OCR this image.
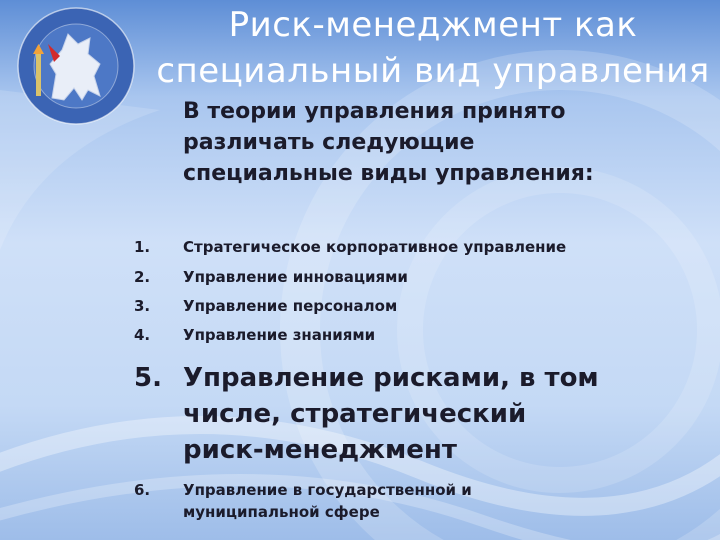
Риск-менеджмент как
специальный вид управления
В теории управления принято
различать следующие
специальные виды управления:
1. Стратегическое корпоративное управление
2. Управление инновациями
3. Управление персоналом
4. Управление знаниями
5. Управление рисками, в том
числе, стратегический
риск-менеджмент
6. Управление в государственной и
муниципальной сфере
